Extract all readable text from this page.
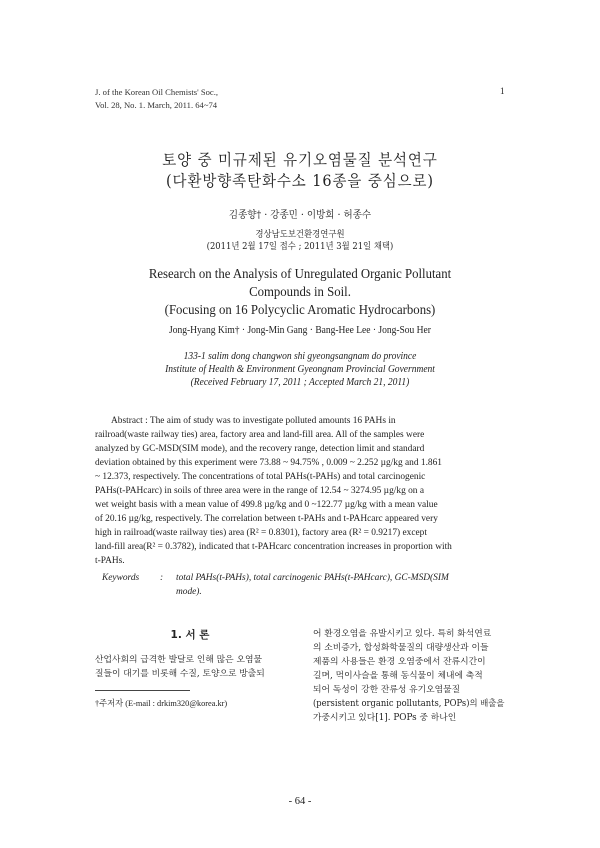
J. of the Korean Oil Chemists' Soc.,
Vol. 28, No. 1. March, 2011. 64~74
1
토양 중 미규제된 유기오염물질 분석연구
(다환방향족탄화수소 16종을 중심으로)
김종향† · 강종민 · 이방희 · 허종수
경상남도보건환경연구원
(2011년 2월 17일 접수 ; 2011년 3월 21일 채택)
Research on the Analysis of Unregulated Organic Pollutant
Compounds in Soil.
(Focusing on 16 Polycyclic Aromatic Hydrocarbons)
Jong-Hyang Kim† · Jong-Min Gang · Bang-Hee Lee · Jong-Sou Her
133-1 salim dong changwon shi gyeongsangnam do province
Institute of Health & Environment Gyeongnam Provincial Government
(Received February 17, 2011 ; Accepted March 21, 2011)
Abstract : The aim of study was to investigate polluted amounts 16 PAHs in
railroad(waste railway ties) area, factory area and land-fill area. All of the samples were
analyzed by GC-MSD(SIM mode), and the recovery range, detection limit and standard
deviation obtained by this experiment were 73.88 ~ 94.75% , 0.009 ~ 2.252 µg/kg and 1.861
~ 12.373, respectively. The concentrations of total PAHs(t-PAHs) and total carcinogenic
PAHs(t-PAHcarc) in soils of three area were in the range of 12.54 ~ 3274.95 µg/kg on a
wet weight basis with a mean value of 499.8 µg/kg and 0 ~122.77 µg/kg with a mean value
of 20.16 µg/kg, respectively. The correlation between t-PAHs and t-PAHcarc appeared very
high in railroad(waste railway ties) area (R² = 0.8301), factory area (R² = 0.9217) except
land-fill area(R² = 0.3782), indicated that t-PAHcarc concentration increases in proportion with
t-PAHs.
Keywords : total PAHs(t-PAHs), total carcinogenic PAHs(t-PAHcarc), GC-MSD(SIM
mode).
1. 서 론
산업사회의 급격한 발달로 인해 많은 오염물
질들이 대기를 비롯해 수질, 토양으로 방출되
†주저자 (E-mail : drkim320@korea.kr)
어 환경오염을 유발시키고 있다. 특히 화석연료
의 소비증가, 합성화학물질의 대량생산과 이들
제품의 사용들은 환경 오염중에서 잔류시간이
길며, 먹이사슬을 통해 동식물이 체내에 축적
되어 독성이 강한 잔류성 유기오염물질
(persistent organic pollutants, POPs)의 배출을
가중시키고 있다[1]. POPs 중 하나인
- 64 -
